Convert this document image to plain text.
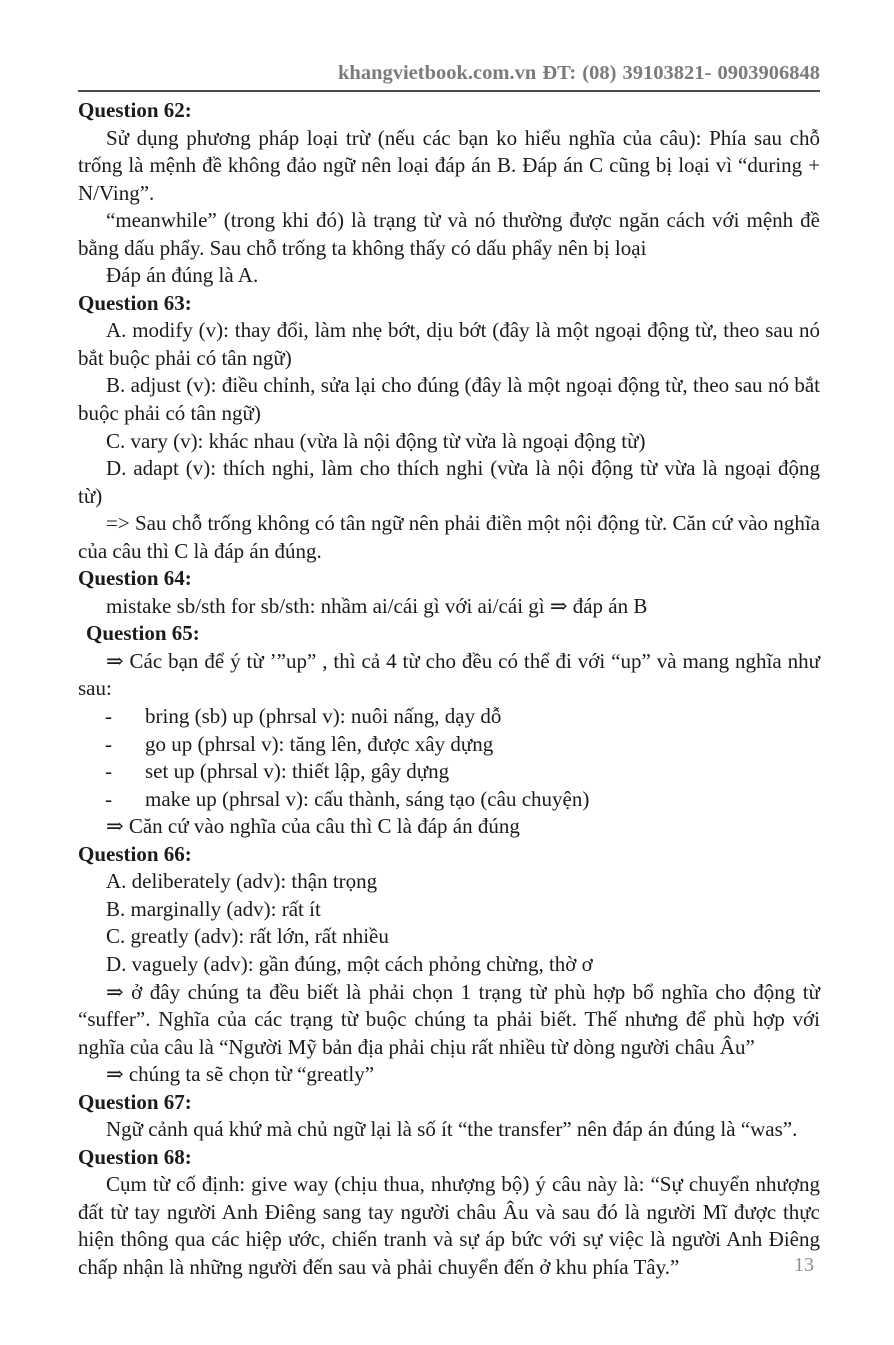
khangvietbook.com.vn ĐT: (08) 39103821- 0903906848
Question 62:
Sử dụng phương pháp loại trừ (nếu các bạn ko hiểu nghĩa của câu): Phía sau chỗ trống là mệnh đề không đảo ngữ nên loại đáp án B. Đáp án C cũng bị loại vì “during + N/Ving”.
“meanwhile” (trong khi đó) là trạng từ và nó thường được ngăn cách với mệnh đề bằng dấu phẩy. Sau chỗ trống ta không thấy có dấu phẩy nên bị loại
Đáp án đúng là A.
Question 63:
A. modify (v): thay đổi, làm nhẹ bớt, dịu bớt (đây là một ngoại động từ, theo sau nó bắt buộc phải có tân ngữ)
B. adjust (v): điều chỉnh, sửa lại cho đúng (đây là một ngoại động từ, theo sau nó bắt buộc phải có tân ngữ)
C. vary (v): khác nhau (vừa là nội động từ vừa là ngoại động từ)
D. adapt (v): thích nghi, làm cho thích nghi (vừa là nội động từ vừa là ngoại động từ)
=> Sau chỗ trống không có tân ngữ nên phải điền một nội động từ. Căn cứ vào nghĩa của câu thì C là đáp án đúng.
Question 64:
mistake sb/sth for sb/sth: nhầm ai/cái gì với ai/cái gì ⇒ đáp án B
Question 65:
⇒ Các bạn để ý từ ’”up” , thì cả 4 từ cho đều có thể đi với “up” và mang nghĩa như sau:
-	bring (sb) up (phrsal v): nuôi nấng, dạy dỗ
-	go up (phrsal v): tăng lên, được xây dựng
-	set up (phrsal v): thiết lập, gây dựng
-	make up (phrsal v): cấu thành, sáng tạo (câu chuyện)
⇒ Căn cứ vào nghĩa của câu thì C là đáp án đúng
Question 66:
A. deliberately (adv): thận trọng
B. marginally (adv): rất ít
C. greatly (adv): rất lớn, rất nhiều
D. vaguely (adv): gần đúng, một cách phỏng chừng, thờ ơ
⇒ ở đây chúng ta đều biết là phải chọn 1 trạng từ phù hợp bổ nghĩa cho động từ “suffer”. Nghĩa của các trạng từ buộc chúng ta phải biết. Thế nhưng để phù hợp với nghĩa của câu là “Người Mỹ bản địa phải chịu rất nhiều từ dòng người châu Âu”
⇒ chúng ta sẽ chọn từ “greatly”
Question 67:
Ngữ cảnh quá khứ mà chủ ngữ lại là số ít “the transfer” nên đáp án đúng là “was”.
Question 68:
Cụm từ cố định: give way (chịu thua, nhượng bộ) ý câu này là: “Sự chuyển nhượng đất từ tay người Anh Điêng sang tay người châu Âu và sau đó là người Mĩ được thực hiện thông qua các hiệp ước, chiến tranh và sự áp bức với sự việc là người Anh Điêng chấp nhận là những người đến sau và phải chuyển đến ở khu phía Tây.”	13
